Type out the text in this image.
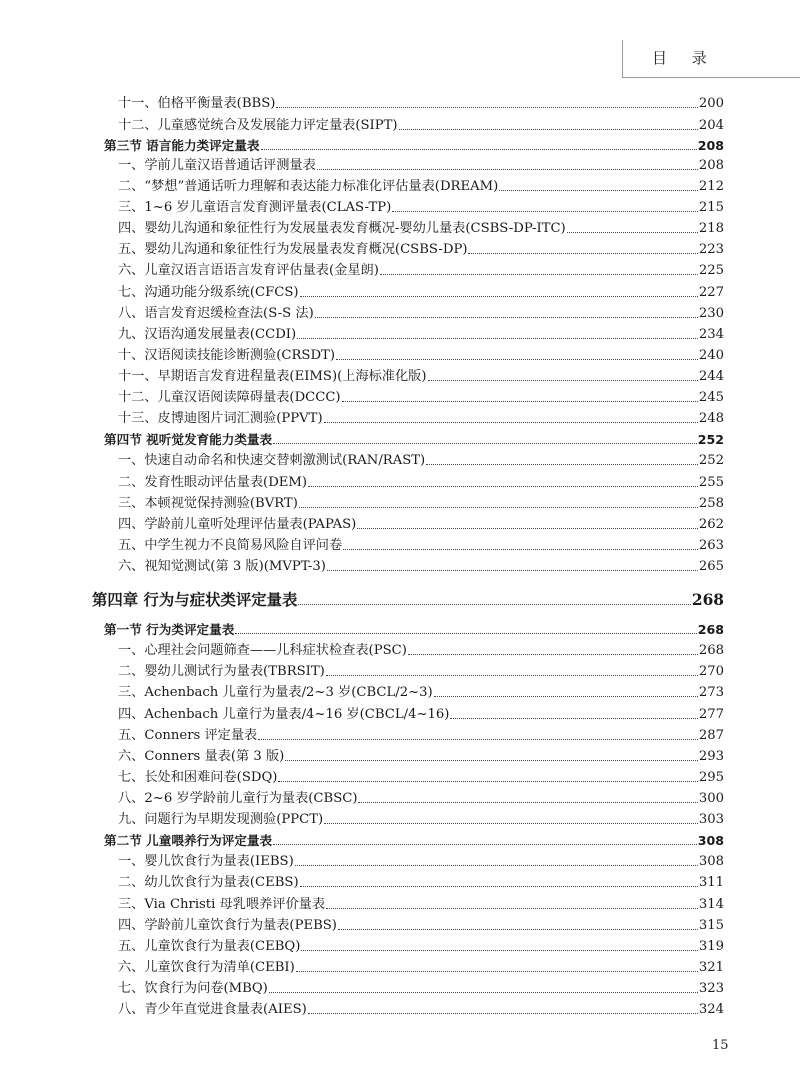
目 录
十一、伯格平衡量表(BBS)	200
十二、儿童感觉统合及发展能力评定量表(SIPT)	204
第三节 语言能力类评定量表	208
一、学前儿童汉语普通话评测量表	208
二、“梦想”普通话听力理解和表达能力标准化评估量表(DREAM)	212
三、1~6 岁儿童语言发育测评量表(CLAS-TP)	215
四、婴幼儿沟通和象征性行为发展量表发育概况-婴幼儿量表(CSBS-DP-ITC)	218
五、婴幼儿沟通和象征性行为发展量表发育概况(CSBS-DP)	223
六、儿童汉语言语语言发育评估量表(金星朗)	225
七、沟通功能分级系统(CFCS)	227
八、语言发育迟缓检查法(S-S 法)	230
九、汉语沟通发展量表(CCDI)	234
十、汉语阅读技能诊断测验(CRSDT)	240
十一、早期语言发育进程量表(EIMS)(上海标准化版)	244
十二、儿童汉语阅读障碍量表(DCCC)	245
十三、皮博迪图片词汇测验(PPVT)	248
第四节 视听觉发育能力类量表	252
一、快速自动命名和快速交替刺激测试(RAN/RAST)	252
二、发育性眼动评估量表(DEM)	255
三、本顿视觉保持测验(BVRT)	258
四、学龄前儿童听处理评估量表(PAPAS)	262
五、中学生视力不良简易风险自评问卷	263
六、视知觉测试(第 3 版)(MVPT-3)	265
第四章 行为与症状类评定量表	268
第一节 行为类评定量表	268
一、心理社会问题筛查——儿科症状检查表(PSC)	268
二、婴幼儿测试行为量表(TBRSIT)	270
三、Achenbach 儿童行为量表/2~3 岁(CBCL/2~3)	273
四、Achenbach 儿童行为量表/4~16 岁(CBCL/4~16)	277
五、Conners 评定量表	287
六、Conners 量表(第 3 版)	293
七、长处和困难问卷(SDQ)	295
八、2~6 岁学龄前儿童行为量表(CBSC)	300
九、问题行为早期发现测验(PPCT)	303
第二节 儿童喂养行为评定量表	308
一、婴儿饮食行为量表(IEBS)	308
二、幼儿饮食行为量表(CEBS)	311
三、Via Christi 母乳喂养评价量表	314
四、学龄前儿童饮食行为量表(PEBS)	315
五、儿童饮食行为量表(CEBQ)	319
六、儿童饮食行为清单(CEBI)	321
七、饮食行为问卷(MBQ)	323
八、青少年直觉进食量表(AIES)	324
15
